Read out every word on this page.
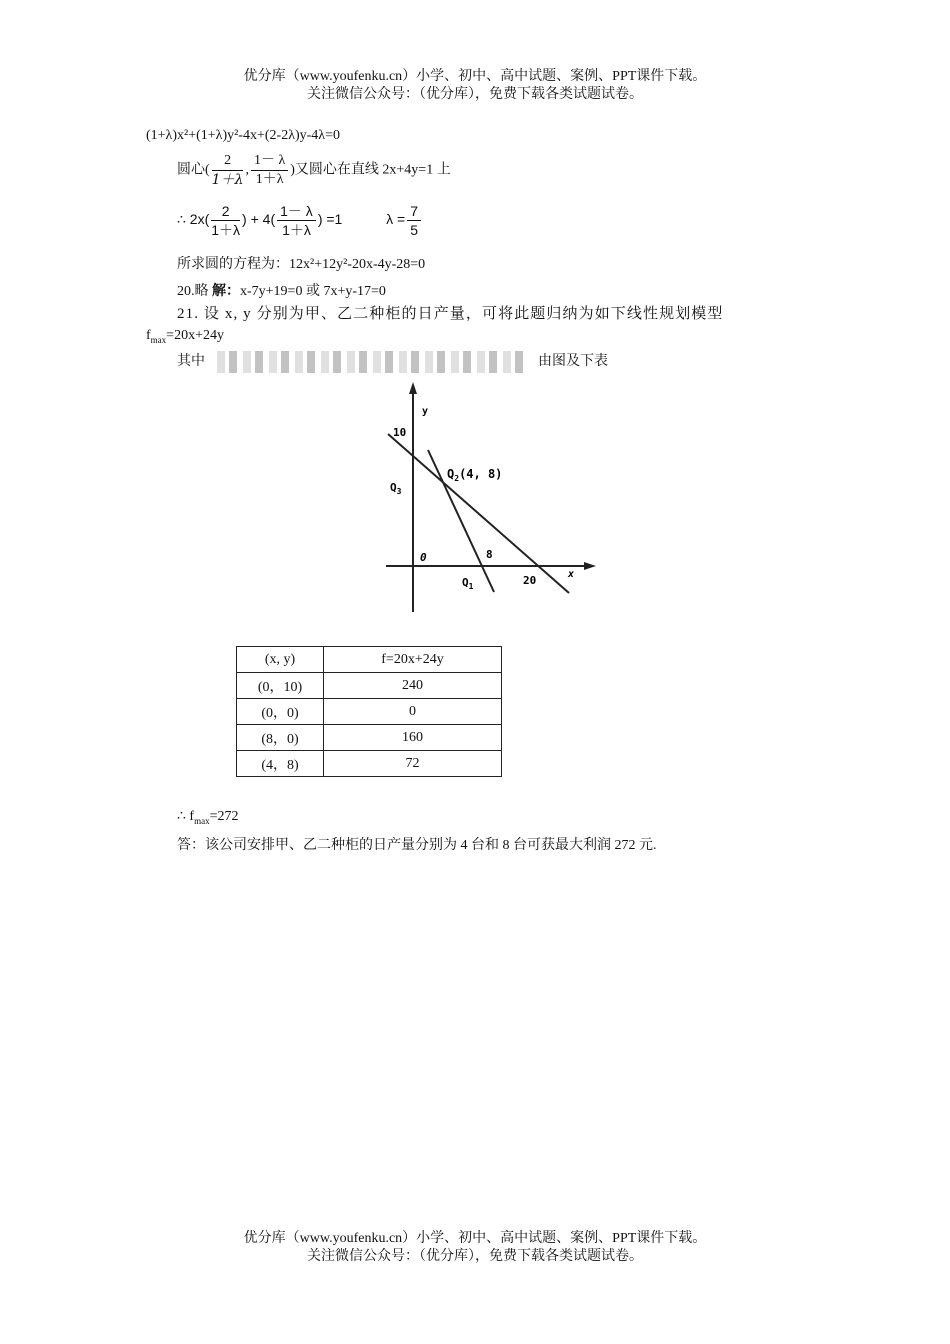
优分库（www.youfenku.cn）小学、初中、高中试题、案例、PPT课件下载。
关注微信公众号：（优分库），免费下载各类试题试卷。
(1+λ)x²+(1+λ)y²-4x+(2-2λ)y-4λ=0
圆心( $\frac{2}{1+\lambda}$ , $\frac{1- \lambda}{1+\lambda}$ )又圆心在直线 2x+4y=1 上
∴ $2x( \frac{2}{1+\lambda}$ ) + $4( \frac{1- \lambda}{1+\lambda}$ ) =1	$\lambda = \frac{7}{5}$
所求圆的方程为：12x²+12y²-20x-4y-28=0
20.略 解：x-7y+19=0 或 7x+y-17=0
21. 设 x, y 分别为甲、乙二种柜的日产量，可将此题归纳为如下线性规划模型
$f_{max}=20x+24y$
其中	由图及下表
y
x
10
0	8
20
$Q_1$
$Q_2(4$, 8)
$Q_3$
(x, y)	f=20x+24y
(0，10)	240
(0，0)	0
(8，0)	160
(4，8)	72
∴ $f_{max}=272$
答：该公司安排甲、乙二种柜的日产量分别为 4 台和 8 台可获最大利润 272 元.
优分库（www.youfenku.cn）小学、初中、高中试题、案例、PPT课件下载。
关注微信公众号：（优分库），免费下载各类试题试卷。
